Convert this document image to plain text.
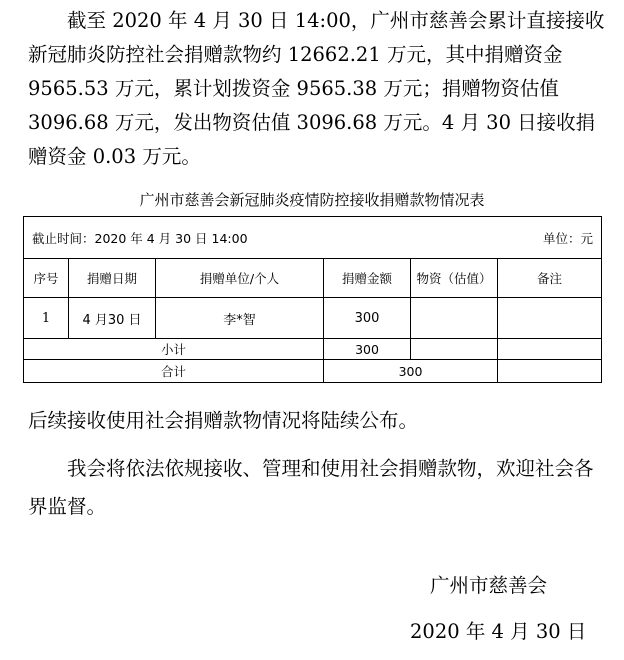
截至 2020 年 4 月 30 日 14:00，广州市慈善会累计直接接收新冠肺炎防控社会捐赠款物约 12662.21 万元，其中捐赠资金 9565.53 万元，累计划拨资金 9565.38 万元；捐赠物资估值 3096.68 万元，发出物资估值 3096.68 万元。4 月 30 日接收捐赠资金 0.03 万元。

广州市慈善会新冠肺炎疫情防控接收捐赠款物情况表
截止时间：2020 年 4 月 30 日 14:00 单位：元					

序号	捐赠日期	捐赠单位/个人	捐赠金额	物资（估值）	备注
1	4 月30 日	李*智	300		
小计			300		
合计			300		

后续接收使用社会捐赠款物情况将陆续公布。

我会将依法依规接收、管理和使用社会捐赠款物，欢迎社会各界监督。

广州市慈善会
2020 年 4 月 30 日
